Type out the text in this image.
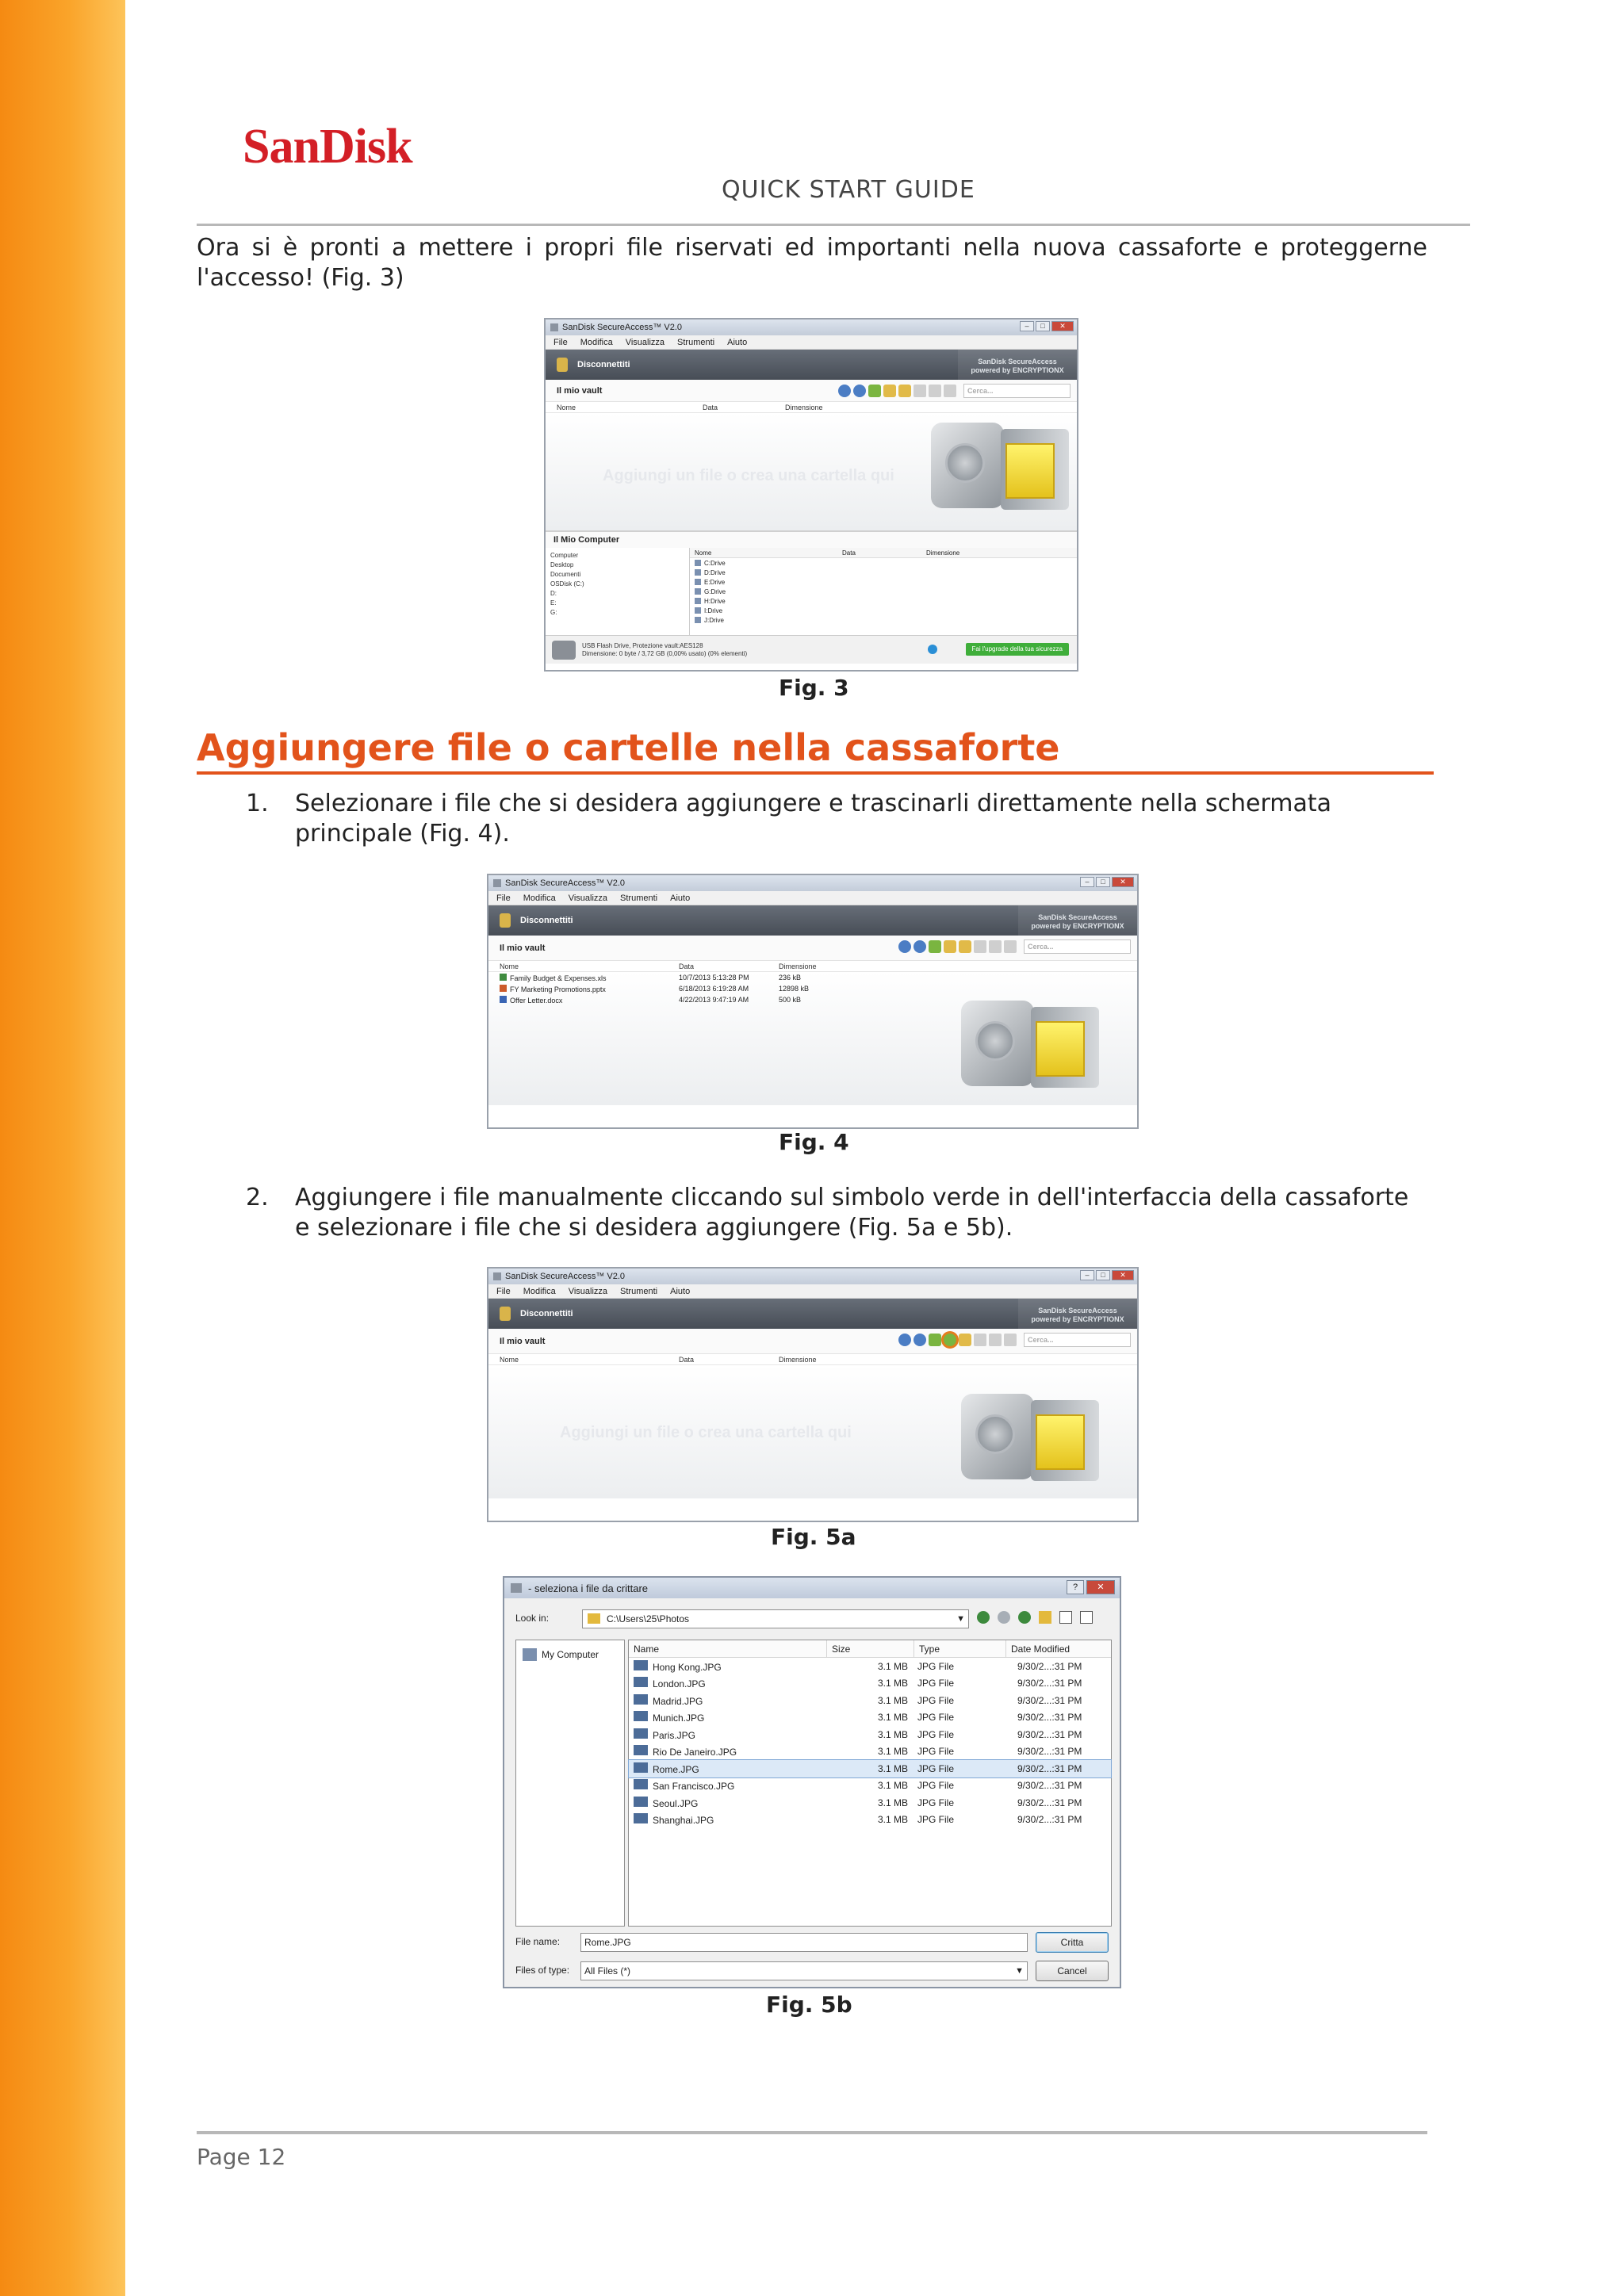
SanDisk
QUICK START GUIDE

Ora si è pronti a mettere i propri file riservati ed importanti nella nuova cassaforte e proteggerne l'accesso! (Fig. 3)

SanDisk SecureAccess™ V2.0	–	□	✕
File Modifica Visualizza Strumenti Aiuto
Disconnettiti	SanDisk SecureAccess
powered by ENCRYPTIONX
Il mio vault	Cerca...
Nome	Data	Dimensione
Aggiungi un file o crea una cartella qui
Il Mio Computer
Computer
Desktop
Documenti
OSDisk (C:)
D:
E:
G:
Nome	Data	Dimensione
C:Drive
D:Drive
E:Drive
G:Drive
H:Drive
I:Drive
J:Drive
USB Flash Drive, Protezione vault:AES128
Dimensione: 0 byte / 3,72 GB (0,00% usato) (0% elementi)
Fai l'upgrade della tua sicurezza
Fig. 3
Aggiungere file o cartelle nella cassaforte
1.	Selezionare i file che si desidera aggiungere e trascinarli direttamente nella schermata principale (Fig. 4).
SanDisk SecureAccess™ V2.0	–	□	✕
File Modifica Visualizza Strumenti Aiuto
Disconnettiti	SanDisk SecureAccess
powered by ENCRYPTIONX
Il mio vault	Cerca...
Nome	Data	Dimensione
Family Budget & Expenses.xls	10/7/2013 5:13:28 PM	236 kB
FY Marketing Promotions.pptx	6/18/2013 6:19:28 AM	12898 kB
Offer Letter.docx	4/22/2013 9:47:19 AM	500 kB
Fig. 4
2.	Aggiungere i file manualmente cliccando sul simbolo verde in dell'interfaccia della cassaforte e selezionare i file che si desidera aggiungere (Fig. 5a e 5b).
SanDisk SecureAccess™ V2.0	–	□	✕
File Modifica Visualizza Strumenti Aiuto
Disconnettiti	SanDisk SecureAccess
powered by ENCRYPTIONX
Il mio vault	Cerca...
Nome	Data	Dimensione
Aggiungi un file o crea una cartella qui
Fig. 5a
- seleziona i file da crittare	?	✕
Look in:	C:\Users\25\Photos	▼
My Computer	Name	Size	Type	Date Modified
Hong Kong.JPG	3.1 MB	JPG File	9/30/2...:31 PM
London.JPG	3.1 MB	JPG File	9/30/2...:31 PM
Madrid.JPG	3.1 MB	JPG File	9/30/2...:31 PM
Munich.JPG	3.1 MB	JPG File	9/30/2...:31 PM
Paris.JPG	3.1 MB	JPG File	9/30/2...:31 PM
Rio De Janeiro.JPG	3.1 MB	JPG File	9/30/2...:31 PM
Rome.JPG	3.1 MB	JPG File	9/30/2...:31 PM
San Francisco.JPG	3.1 MB	JPG File	9/30/2...:31 PM
Seoul.JPG	3.1 MB	JPG File	9/30/2...:31 PM
Shanghai.JPG	3.1 MB	JPG File	9/30/2...:31 PM
File name:	Rome.JPG
Files of type:	All Files (*)	▼
Critta
Cancel
Fig. 5b
Page 12
